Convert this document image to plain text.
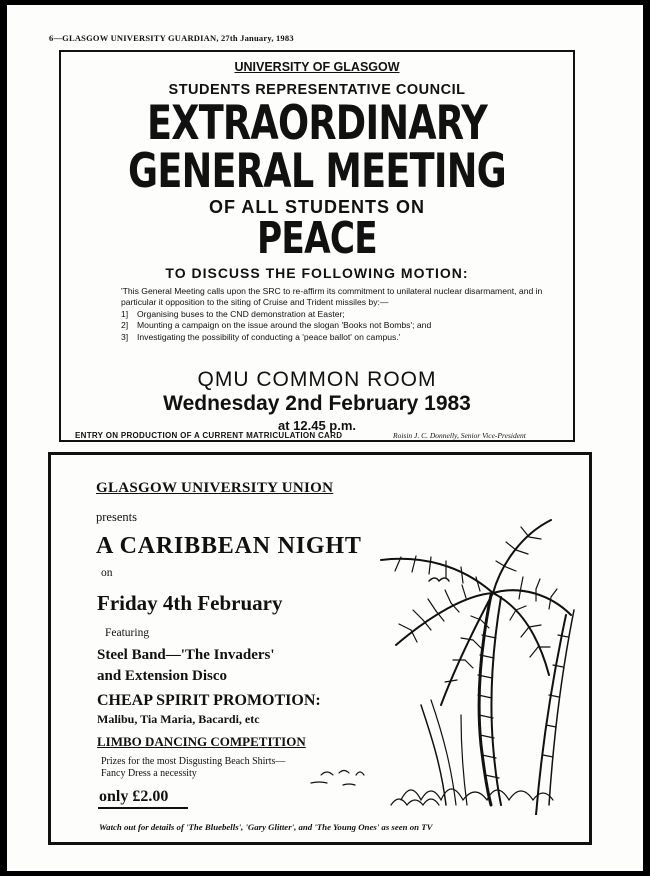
6—GLASGOW UNIVERSITY GUARDIAN, 27th January, 1983
UNIVERSITY OF GLASGOW
STUDENTS REPRESENTATIVE COUNCIL
EXTRAORDINARY
GENERAL MEETING
OF ALL STUDENTS ON
PEACE
TO DISCUSS THE FOLLOWING MOTION:
'This General Meeting calls upon the SRC to re-affirm its commitment to unilateral nuclear disarmament, and in particular it opposition to the siting of Cruise and Trident missiles by:—
1]	Organising buses to the CND demonstration at Easter;
2]	Mounting a campaign on the issue around the slogan 'Books not Bombs'; and
3]	Investigating the possibility of conducting a 'peace ballot' on campus.'
QMU COMMON ROOM
Wednesday 2nd February 1983
at 12.45 p.m.
ENTRY ON PRODUCTION OF A CURRENT MATRICULATION CARD	Roisin J. C. Donnelly, Senior Vice-President
GLASGOW UNIVERSITY UNION
presents
A CARIBBEAN NIGHT
on
Friday 4th February
Featuring
Steel Band—'The Invaders'
and Extension Disco
CHEAP SPIRIT PROMOTION:
Malibu, Tia Maria, Bacardi, etc
LIMBO DANCING COMPETITION
Prizes for the most Disgusting Beach Shirts—
Fancy Dress a necessity
only £2.00
Watch out for details of 'The Bluebells', 'Gary Glitter', and 'The Young Ones' as seen on TV
